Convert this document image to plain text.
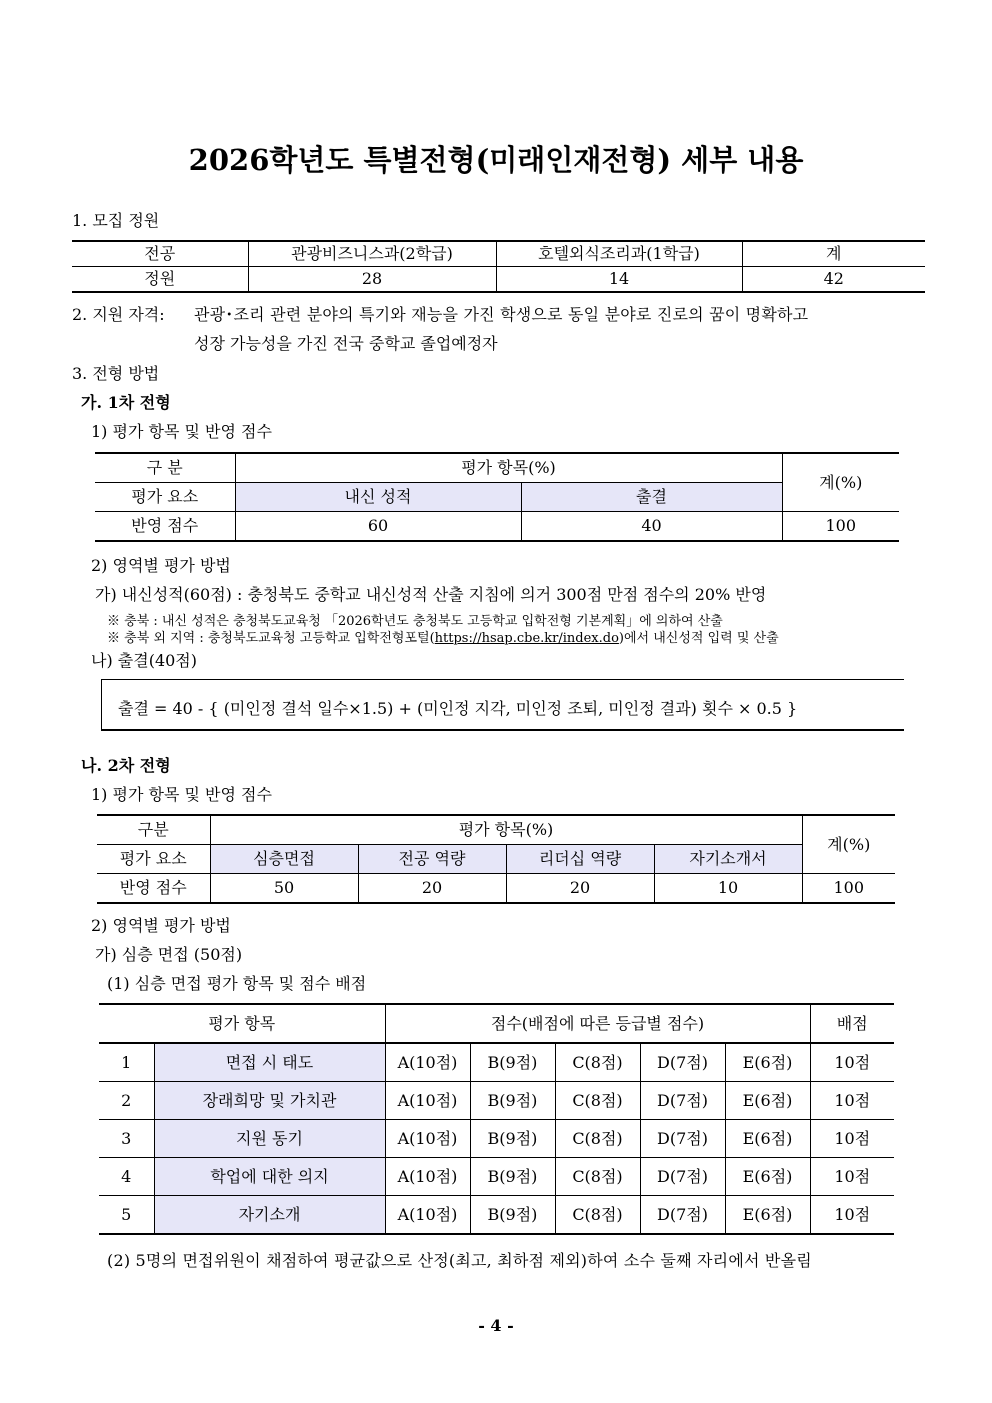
2026학년도 특별전형(미래인재전형) 세부 내용
1. 모집 정원
전공	관광비즈니스과(2학급)	호텔외식조리과(1학급)	계
정원	28	14	42
2. 지원 자격: 관광･조리 관련 분야의 특기와 재능을 가진 학생으로 동일 분야로 진로의 꿈이 명확하고
성장 가능성을 가진 전국 중학교 졸업예정자
3. 전형 방법
가. 1차 전형
1) 평가 항목 및 반영 점수
구 분	평가 항목(%)		계(%)
평가 요소	내신 성적	출결	
반영 점수	60	40	100
2) 영역별 평가 방법
가) 내신성적(60점) : 충청북도 중학교 내신성적 산출 지침에 의거 300점 만점 점수의 20% 반영
※ 충북 : 내신 성적은 충청북도교육청 「2026학년도 충청북도 고등학교 입학전형 기본계획」에 의하여 산출
※ 충북 외 지역 : 충청북도교육청 고등학교 입학전형포털(https://hsap.cbe.kr/index.do)에서 내신성적 입력 및 산출
나) 출결(40점)
출결 = 40 - { (미인정 결석 일수×1.5) + (미인정 지각, 미인정 조퇴, 미인정 결과) 횟수 × 0.5 }
나. 2차 전형
1) 평가 항목 및 반영 점수
구분	평가 항목(%)				계(%)
평가 요소	심층면접	전공 역량	리더십 역량	자기소개서	
반영 점수	50	20	20	10	100
2) 영역별 평가 방법
가) 심층 면접 (50점)
(1) 심층 면접 평가 항목 및 점수 배점
평가 항목		점수(배점에 따른 등급별 점수)					배점
1	면접 시 태도	A(10점)	B(9점)	C(8점)	D(7점)	E(6점)	10점
2	장래희망 및 가치관	A(10점)	B(9점)	C(8점)	D(7점)	E(6점)	10점
3	지원 동기	A(10점)	B(9점)	C(8점)	D(7점)	E(6점)	10점
4	학업에 대한 의지	A(10점)	B(9점)	C(8점)	D(7점)	E(6점)	10점
5	자기소개	A(10점)	B(9점)	C(8점)	D(7점)	E(6점)	10점
(2) 5명의 면접위원이 채점하여 평균값으로 산정(최고, 최하점 제외)하여 소수 둘째 자리에서 반올림
- 4 -
